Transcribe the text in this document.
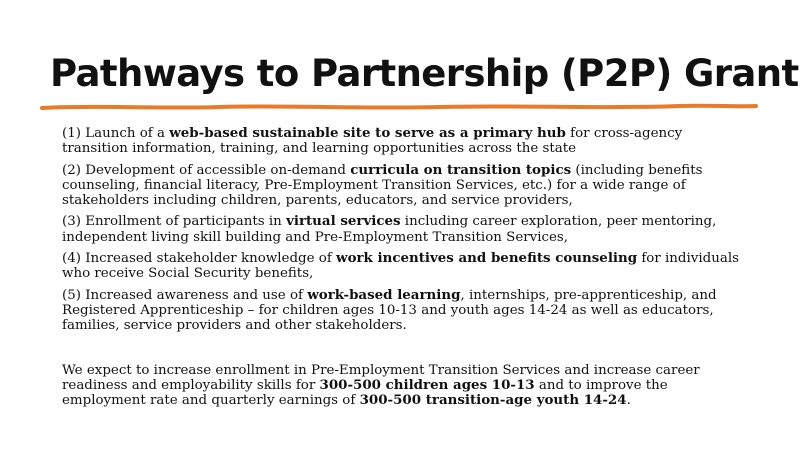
Pathways to Partnership (P2P) Grant

(1) Launch of a web-based sustainable site to serve as a primary hub for cross-agency transition information, training, and learning opportunities across the state

(2) Development of accessible on-demand curricula on transition topics (including benefits counseling, financial literacy, Pre-Employment Transition Services, etc.) for a wide range of stakeholders including children, parents, educators, and service providers,

(3) Enrollment of participants in virtual services including career exploration, peer mentoring, independent living skill building and Pre-Employment Transition Services,

(4) Increased stakeholder knowledge of work incentives and benefits counseling for individuals who receive Social Security benefits,

(5) Increased awareness and use of work-based learning, internships, pre-apprenticeship, and Registered Apprenticeship – for children ages 10-13 and youth ages 14-24 as well as educators, families, service providers and other stakeholders.

We expect to increase enrollment in Pre-Employment Transition Services and increase career readiness and employability skills for 300-500 children ages 10-13 and to improve the employment rate and quarterly earnings of 300-500 transition-age youth 14-24.
